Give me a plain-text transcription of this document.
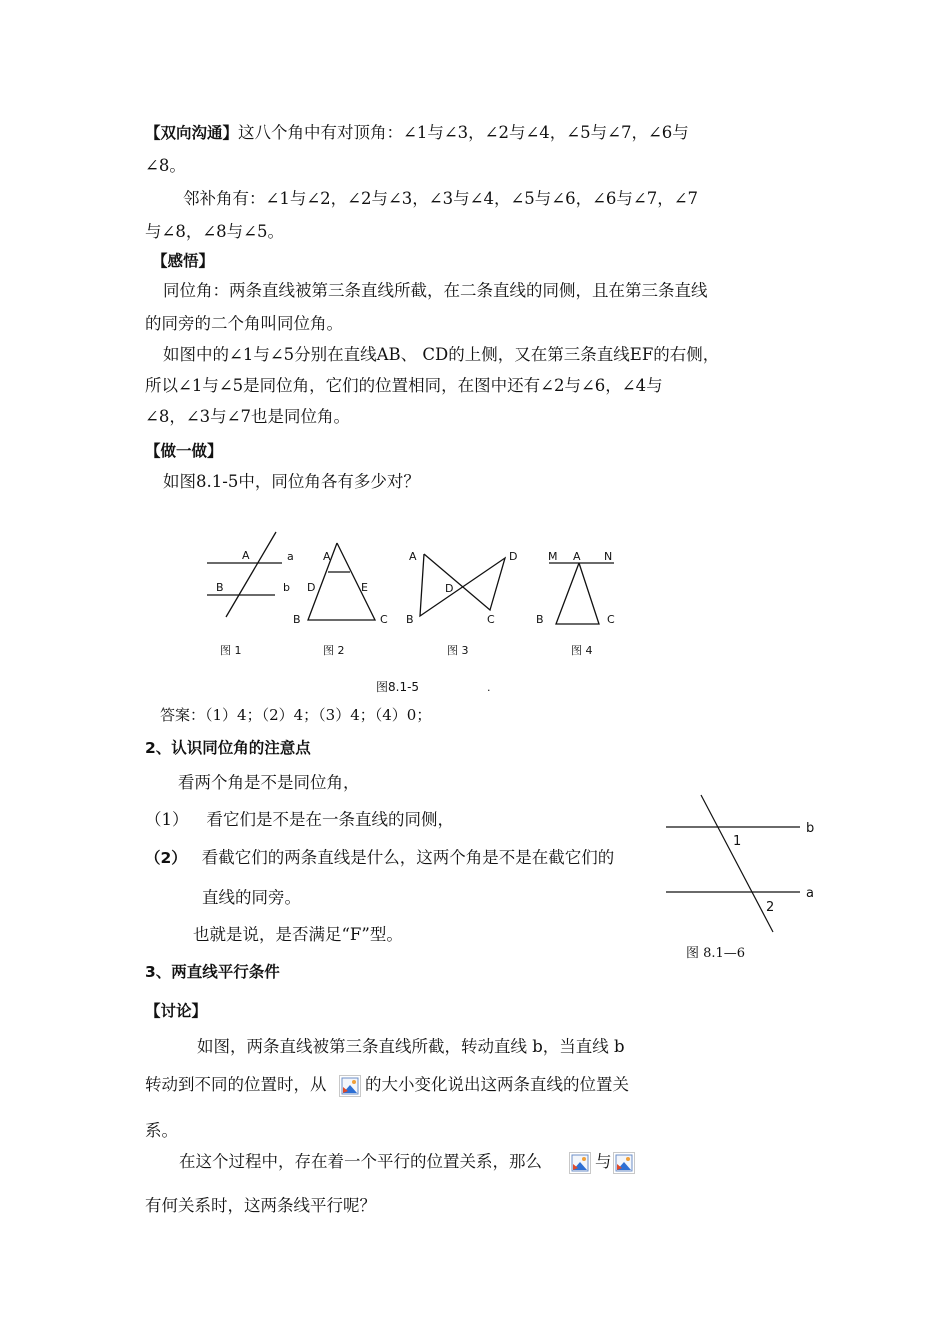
【双向沟通】这八个角中有对顶角：∠1与∠3，∠2与∠4，∠5与∠7，∠6与
∠8。
邻补角有：∠1与∠2，∠2与∠3，∠3与∠4，∠5与∠6，∠6与∠7，∠7
与∠8，∠8与∠5。
【感悟】
同位角：两条直线被第三条直线所截，在二条直线的同侧，且在第三条直线
的同旁的二个角叫同位角。
如图中的∠1与∠5分别在直线AB、 CD的上侧，又在第三条直线EF的右侧，
所以∠1与∠5是同位角，它们的位置相同，在图中还有∠2与∠6，∠4与
∠8，∠3与∠7也是同位角。
【做一做】
如图8.1-5中，同位角各有多少对？
A	a
B	b
图 1
A
D	E
B	C
图 2
A	D
D
B	C
图 3
M A N
B	C
图 4
图8.1-5	.
答案：（1）4；（2）4；（3）4；（4）0；
2、认识同位角的注意点
看两个角是不是同位角，
（1） 看它们是不是在一条直线的同侧，
（2） 看截它们的两条直线是什么，这两个角是不是在截它们的
直线的同旁。
也就是说，是否满足“F”型。
b
a
1
2
图 8.1—6
3、两直线平行条件
【讨论】
如图，两条直线被第三条直线所截，转动直线 b，当直线 b
转动到不同的位置时，从 的大小变化说出这两条直线的位置关
系。
在这个过程中，存在着一个平行的位置关系，那么	与
有何关系时，这两条线平行呢？
